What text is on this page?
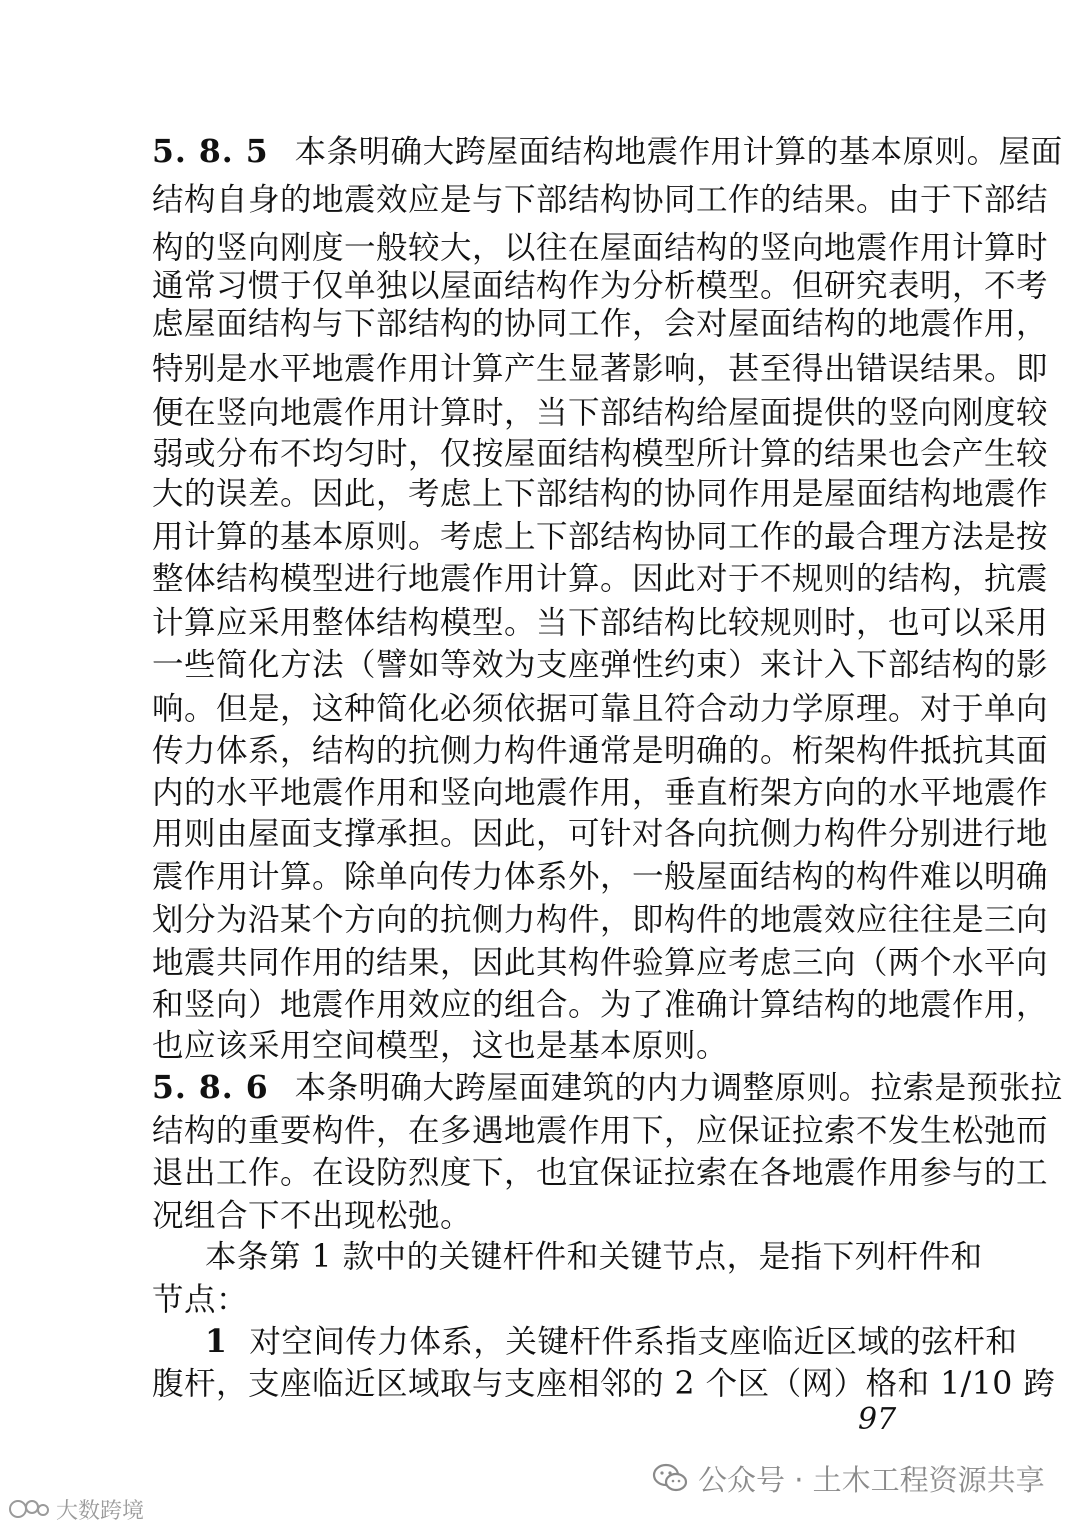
5. 8. 5 本条明确大跨屋面结构地震作用计算的基本原则。屋面
结构自身的地震效应是与下部结构协同工作的结果。由于下部结
构的竖向刚度一般较大，以往在屋面结构的竖向地震作用计算时
通常习惯于仅单独以屋面结构作为分析模型。但研究表明，不考
虑屋面结构与下部结构的协同工作，会对屋面结构的地震作用，
特别是水平地震作用计算产生显著影响，甚至得出错误结果。即
便在竖向地震作用计算时，当下部结构给屋面提供的竖向刚度较
弱或分布不均匀时，仅按屋面结构模型所计算的结果也会产生较
大的误差。因此，考虑上下部结构的协同作用是屋面结构地震作
用计算的基本原则。考虑上下部结构协同工作的最合理方法是按
整体结构模型进行地震作用计算。因此对于不规则的结构，抗震
计算应采用整体结构模型。当下部结构比较规则时，也可以采用
一些简化方法（譬如等效为支座弹性约束）来计入下部结构的影
响。但是，这种简化必须依据可靠且符合动力学原理。对于单向
传力体系，结构的抗侧力构件通常是明确的。桁架构件抵抗其面
内的水平地震作用和竖向地震作用，垂直桁架方向的水平地震作
用则由屋面支撑承担。因此，可针对各向抗侧力构件分别进行地
震作用计算。除单向传力体系外，一般屋面结构的构件难以明确
划分为沿某个方向的抗侧力构件，即构件的地震效应往往是三向
地震共同作用的结果，因此其构件验算应考虑三向（两个水平向
和竖向）地震作用效应的组合。为了准确计算结构的地震作用，
也应该采用空间模型，这也是基本原则。
5. 8. 6 本条明确大跨屋面建筑的内力调整原则。拉索是预张拉
结构的重要构件，在多遇地震作用下，应保证拉索不发生松弛而
退出工作。在设防烈度下，也宜保证拉索在各地震作用参与的工
况组合下不出现松弛。
本条第 1 款中的关键杆件和关键节点，是指下列杆件和
节点：
1 对空间传力体系，关键杆件系指支座临近区域的弦杆和
腹杆，支座临近区域取与支座相邻的 2 个区（网）格和 1/10 跨
97
公众号 · 土木工程资源共享
大数跨境
